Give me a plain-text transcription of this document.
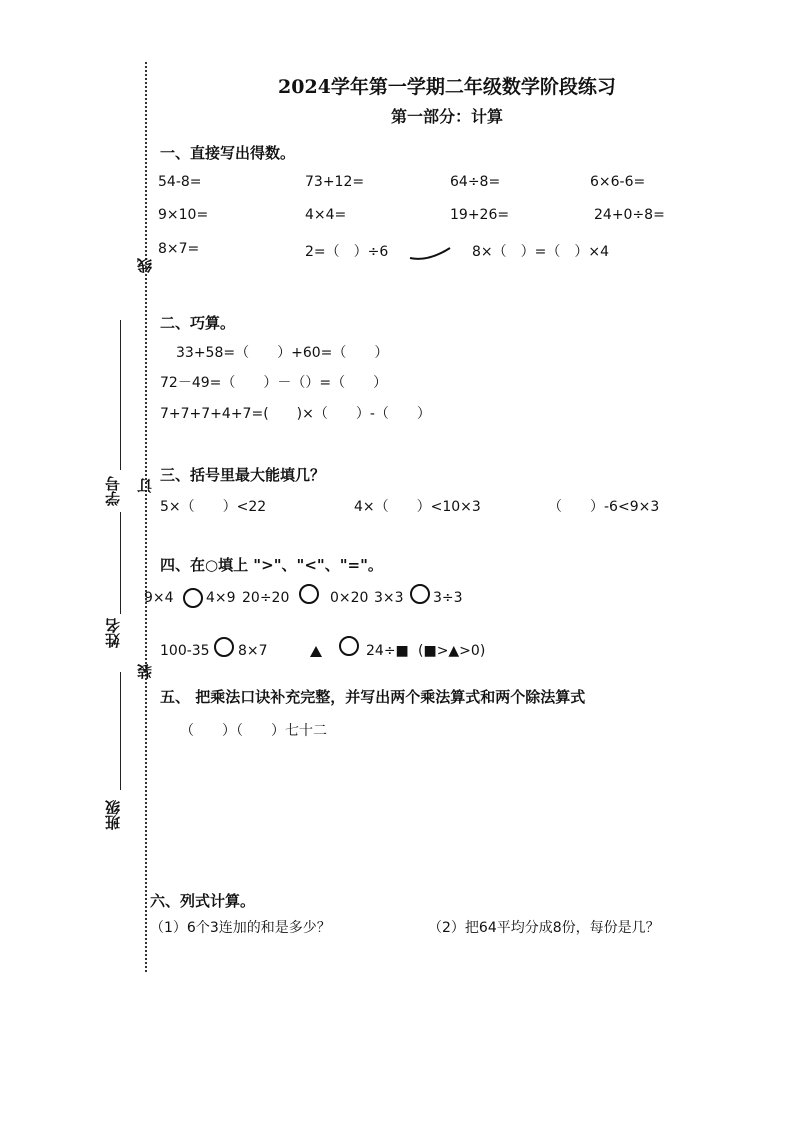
线
订
装
学号
姓名
班级
2024学年第一学期二年级数学阶段练习
第一部分：计算
一、直接写出得数。
54-8=	73+12=	64÷8=	6×6-6=
9×10=	4×4=	19+26=	24+0÷8=
8×7=	2=（　）÷6	8×（　）=（　）×4
二、巧算。
33+58=（　　）+60=（　　）
72－49=（　　）－（）=（　　）
7+7+7+4+7=(　　)×（　　）-（　　）
三、括号里最大能填几？
5×（　　）<22	4×（　　）<10×3	（　　）-6<9×3
四、在○填上 ">"、"<"、"="。
9×4 4×9 20÷20	0×20 3×3 3÷3
100-35 8×7	24÷■ (■>▲>0)
五、 把乘法口诀补充完整，并写出两个乘法算式和两个除法算式
（　　）（　　）七十二
六、列式计算。
（1）6个3连加的和是多少？	（2）把64平均分成8份，每份是几？
